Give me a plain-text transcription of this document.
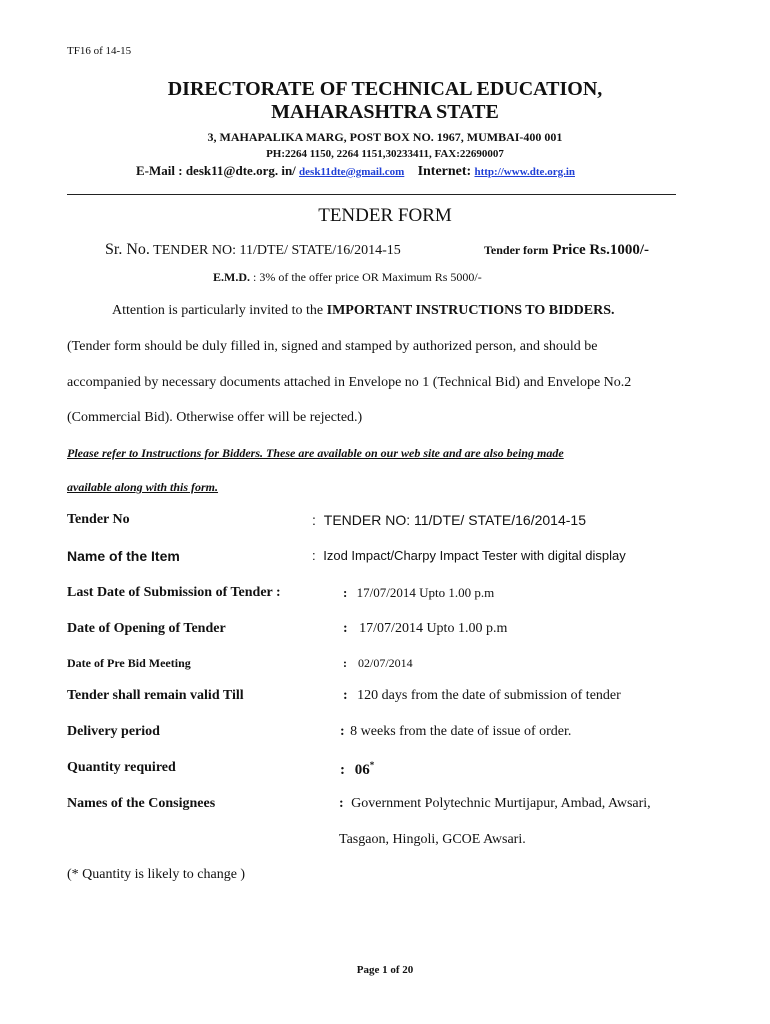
TF16 of 14-15
DIRECTORATE OF TECHNICAL EDUCATION,
MAHARASHTRA STATE
3, MAHAPALIKA MARG, POST BOX NO. 1967, MUMBAI-400 001
PH:2264 1150, 2264 1151,30233411, FAX:22690007
E-Mail : desk11@dte.org. in/ desk11dte@gmail.com Internet: http://www.dte.org.in
TENDER FORM
Sr. No. TENDER NO: 11/DTE/ STATE/16/2014-15	Tender form Price Rs.1000/-
E.M.D. : 3% of the offer price OR Maximum Rs 5000/-
Attention is particularly invited to the IMPORTANT INSTRUCTIONS TO BIDDERS.
(Tender form should be duly filled in, signed and stamped by authorized person, and should be
accompanied by necessary documents attached in Envelope no 1 (Technical Bid) and Envelope No.2
(Commercial Bid). Otherwise offer will be rejected.)
Please refer to Instructions for Bidders. These are available on our web site and are also being made
available along with this form.
Tender No	: TENDER NO: 11/DTE/ STATE/16/2014-15
Name of the Item	: Izod Impact/Charpy Impact Tester with digital display
Last Date of Submission of Tender :	: 17/07/2014 Upto 1.00 p.m
Date of Opening of Tender	: 17/07/2014 Upto 1.00 p.m
Date of Pre Bid Meeting	: 02/07/2014
Tender shall remain valid Till	: 120 days from the date of submission of tender
Delivery period	: 8 weeks from the date of issue of order.
Quantity required	: 06*
Names of the Consignees	: Government Polytechnic Murtijapur, Ambad, Awsari,
Tasgaon, Hingoli, GCOE Awsari.
(* Quantity is likely to change )
Page 1 of 20
